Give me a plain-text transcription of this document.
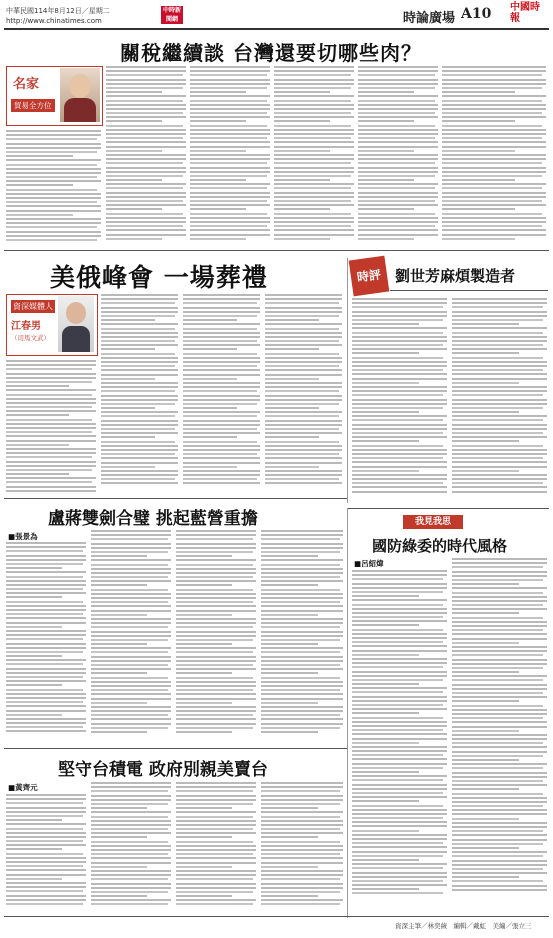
中華民國114年8月12日／星期二
http://www.chinatimes.com
中時新聞網	時論廣場 A10 中國時報
關稅繼續談 台灣還要切哪些肉？
名家
貿易全方位
美俄峰會 一場葬禮
資深媒體人
江春男
（司馬文武）
時評 劉世芳麻煩製造者
盧蔣雙劍合璧 挑起藍營重擔
■張景為
我見我思
國防綠委的時代風格
■呂紹煒
堅守台積電 政府別親美賣台
■黃齊元
資深主筆／林奕薇　編輯／戴虹　美編／張立三
